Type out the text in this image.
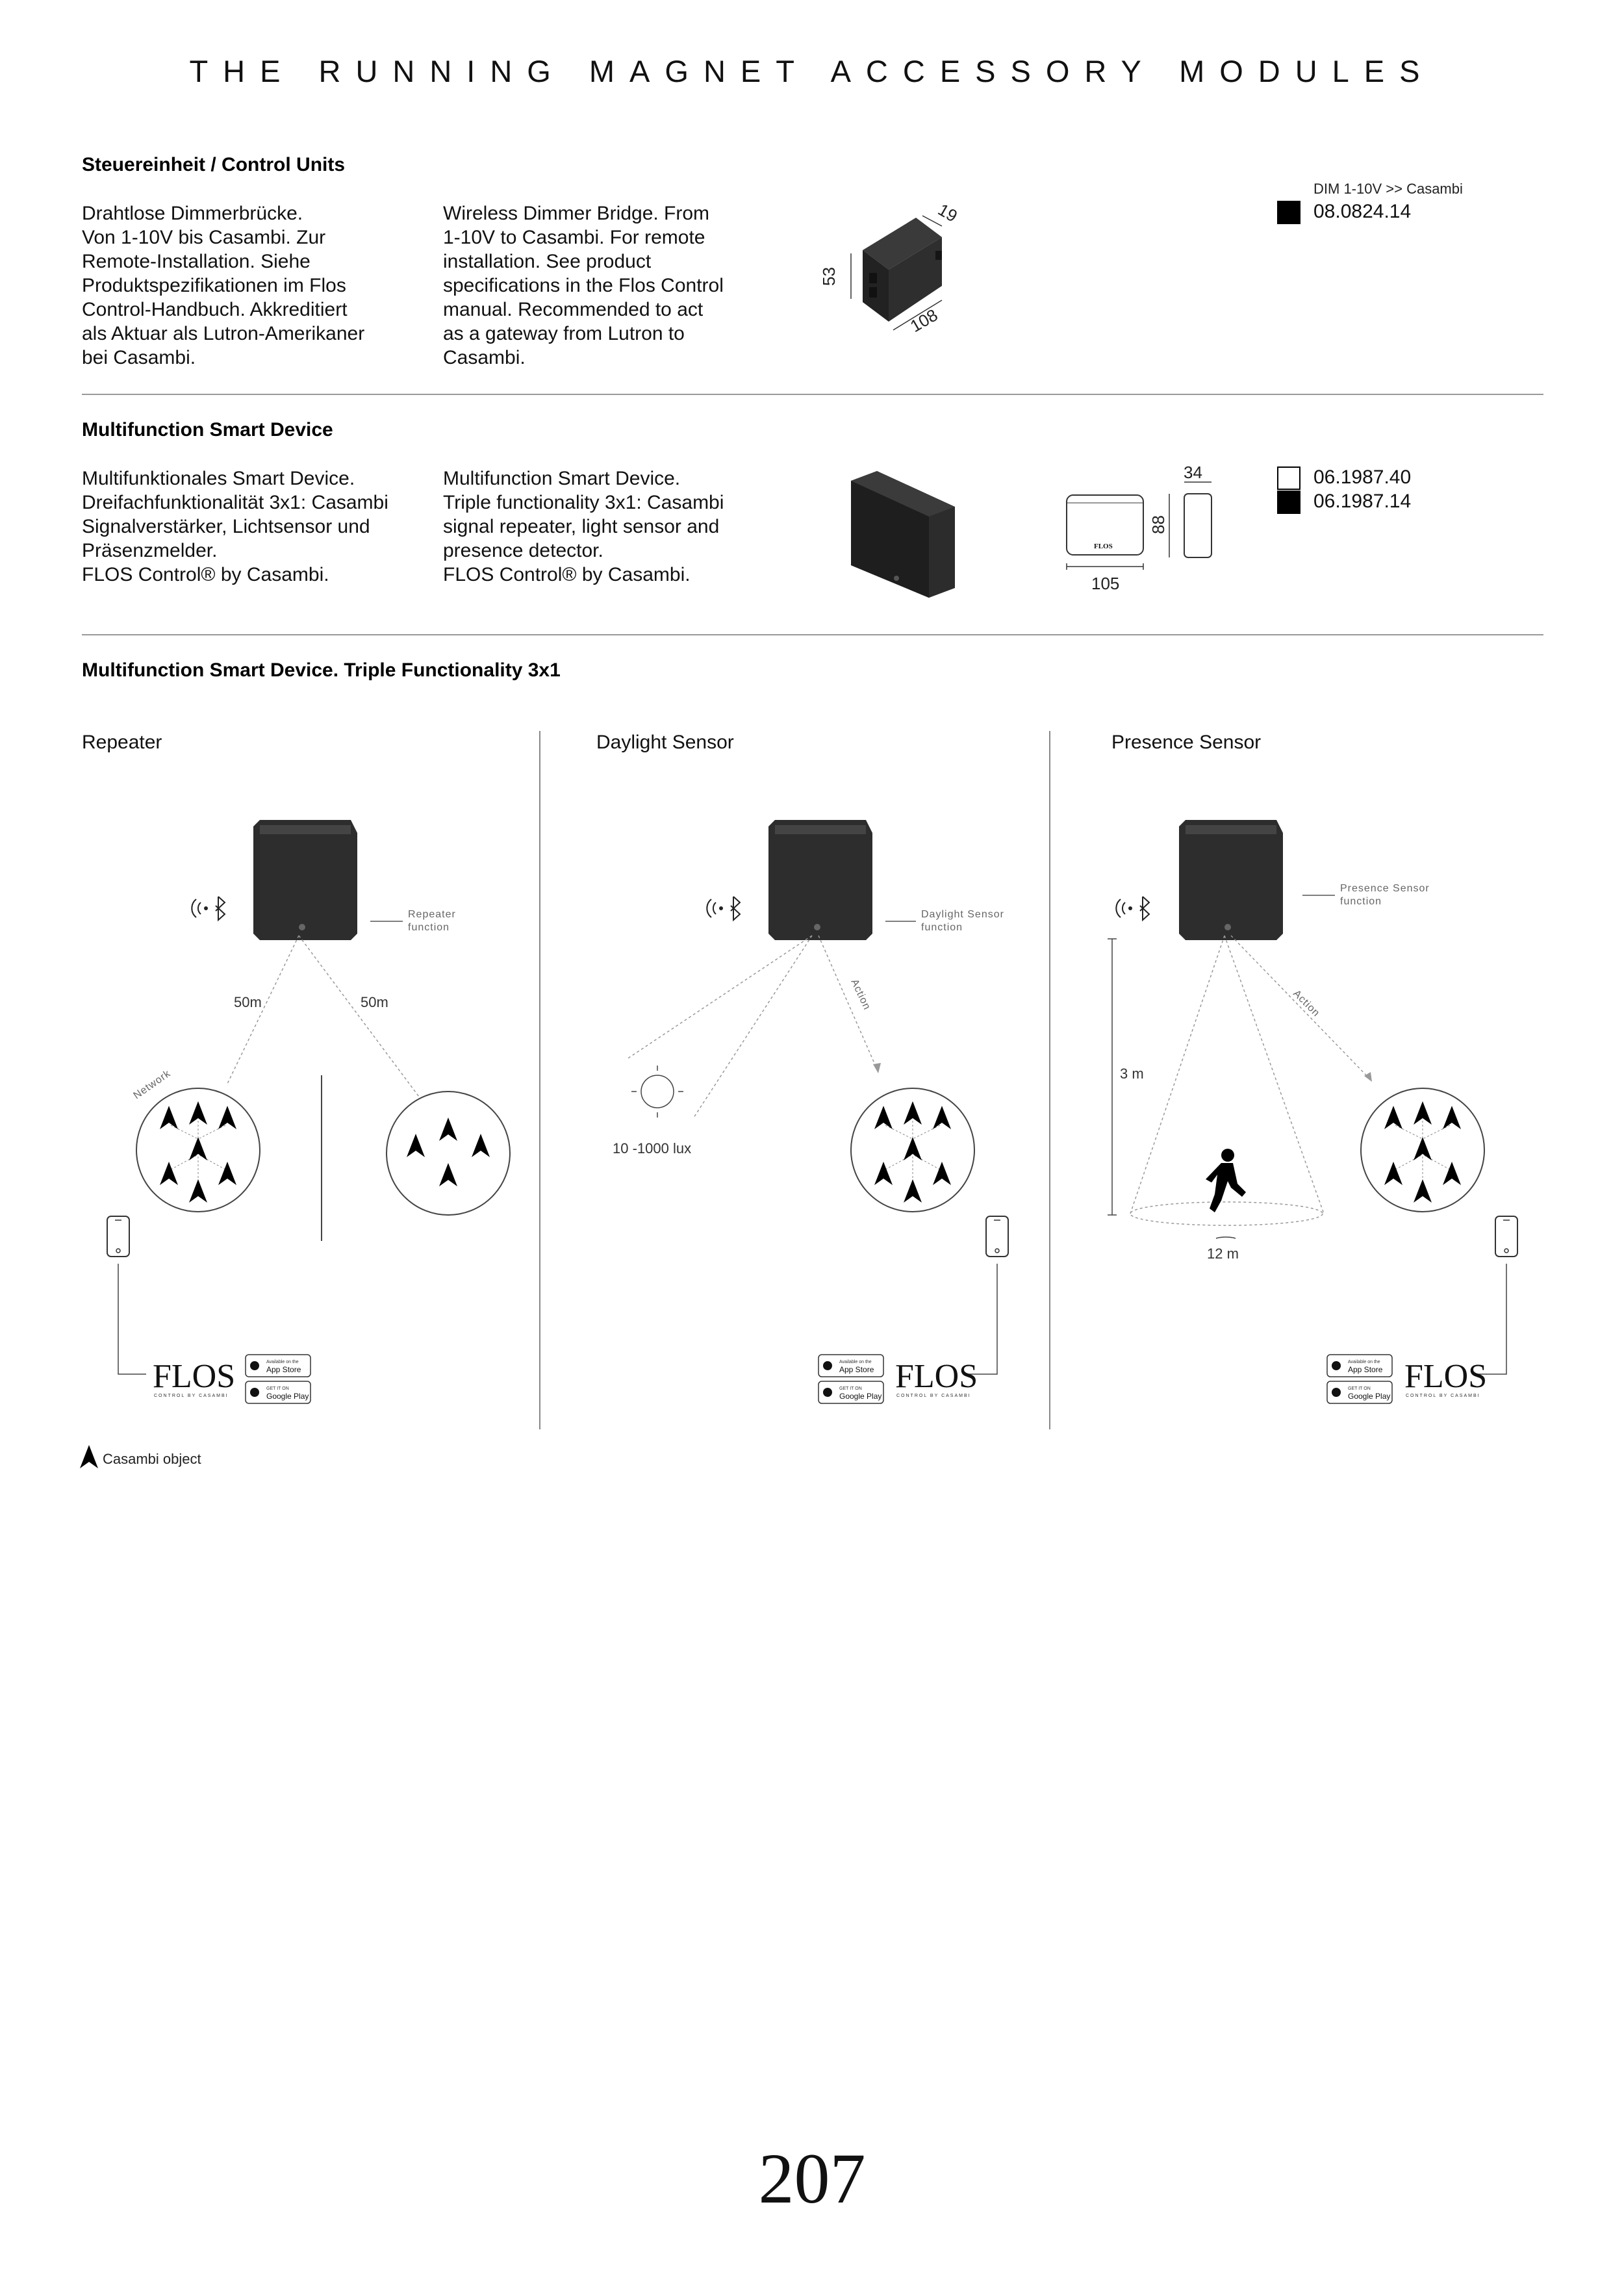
THE RUNNING MAGNET ACCESSORY MODULES
Steuereinheit / Control Units
Drahtlose Dimmerbrücke.
Von 1-10V bis Casambi. Zur
Remote-Installation. Siehe
Produktspezifikationen im Flos
Control-Handbuch. Akkreditiert
als Aktuar als Lutron-Amerikaner
bei Casambi.
Wireless Dimmer Bridge. From
1-10V to Casambi. For remote
installation. See product
specifications in the Flos Control
manual. Recommended to act
as a gateway from Lutron to
Casambi.
53
108
19
DIM 1-10V >> Casambi
08.0824.14
Multifunction Smart Device
Multifunktionales Smart Device.
Dreifachfunktionalität 3x1: Casambi
Signalverstärker, Lichtsensor und
Präsenzmelder.
FLOS Control® by Casambi.
Multifunction Smart Device.
Triple functionality 3x1: Casambi
signal repeater, light sensor and
presence detector.
FLOS Control® by Casambi.
FLOS
105
34
88
06.1987.40
06.1987.14
Multifunction Smart Device. Triple Functionality 3x1
Repeater	Daylight Sensor	Presence Sensor
Repeater function
50m	50m
Network
FLOS
CONTROL BY CASAMBI
Available on the
App Store
GET IT ON
Google Play
Daylight Sensor function
Action
10 -1000 lux
FLOS
CONTROL BY CASAMBI
Available on the
App Store
GET IT ON
Google Play
Presence Sensor function
Action
3 m
12 m
FLOS
CONTROL BY CASAMBI
Available on the
App Store
GET IT ON
Google Play
Casambi object
207
